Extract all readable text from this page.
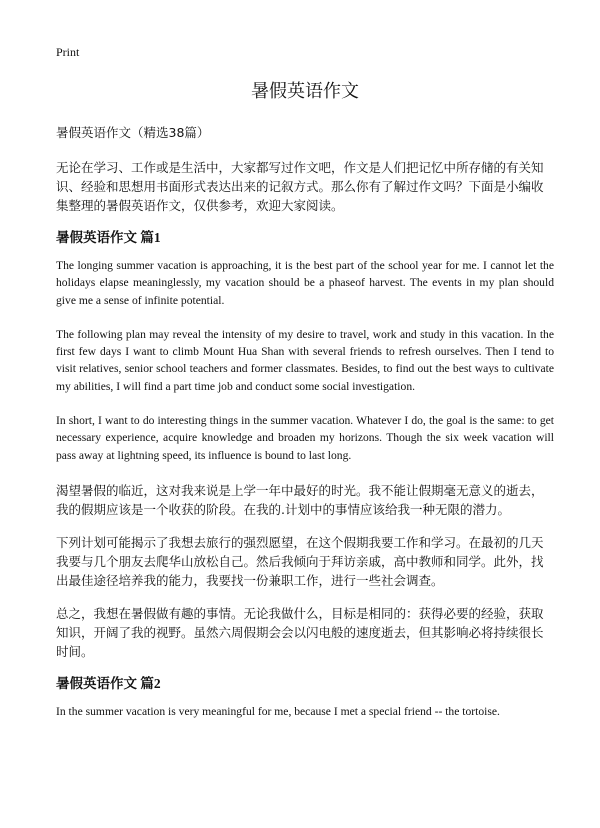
Print
暑假英语作文

暑假英语作文（精选38篇）

无论在学习、工作或是生活中，大家都写过作文吧，作文是人们把记忆中所存储的有关知识、经验和思想用书面形式表达出来的记叙方式。那么你有了解过作文吗？下面是小编收集整理的暑假英语作文，仅供参考，欢迎大家阅读。

暑假英语作文 篇1

The longing summer vacation is approaching, it is the best part of the school year for me. I cannot let the holidays elapse meaninglessly, my vacation should be a phaseof harvest. The events in my plan should give me a sense of infinite potential.

The following plan may reveal the intensity of my desire to travel, work and study in this vacation. In the first few days I want to climb Mount Hua Shan with several friends to refresh ourselves. Then I tend to visit relatives, senior school teachers and former classmates. Besides, to find out the best ways to cultivate my abilities, I will find a part time job and conduct some social investigation.

In short, I want to do interesting things in the summer vacation. Whatever I do, the goal is the same: to get necessary experience, acquire knowledge and broaden my horizons. Though the six week vacation will pass away at lightning speed, its influence is bound to last long.

渴望暑假的临近，这对我来说是上学一年中最好的时光。我不能让假期毫无意义的逝去，我的假期应该是一个收获的阶段。在我的.计划中的事情应该给我一种无限的潜力。

下列计划可能揭示了我想去旅行的强烈愿望，在这个假期我要工作和学习。在最初的几天我要与几个朋友去爬华山放松自己。然后我倾向于拜访亲戚，高中教师和同学。此外，找出最佳途径培养我的能力，我要找一份兼职工作，进行一些社会调查。

总之，我想在暑假做有趣的事情。无论我做什么，目标是相同的：获得必要的经验，获取知识，开阔了我的视野。虽然六周假期会会以闪电般的速度逝去，但其影响必将持续很长时间。

暑假英语作文 篇2

In the summer vacation is very meaningful for me, because I met a special friend -- the tortoise.
